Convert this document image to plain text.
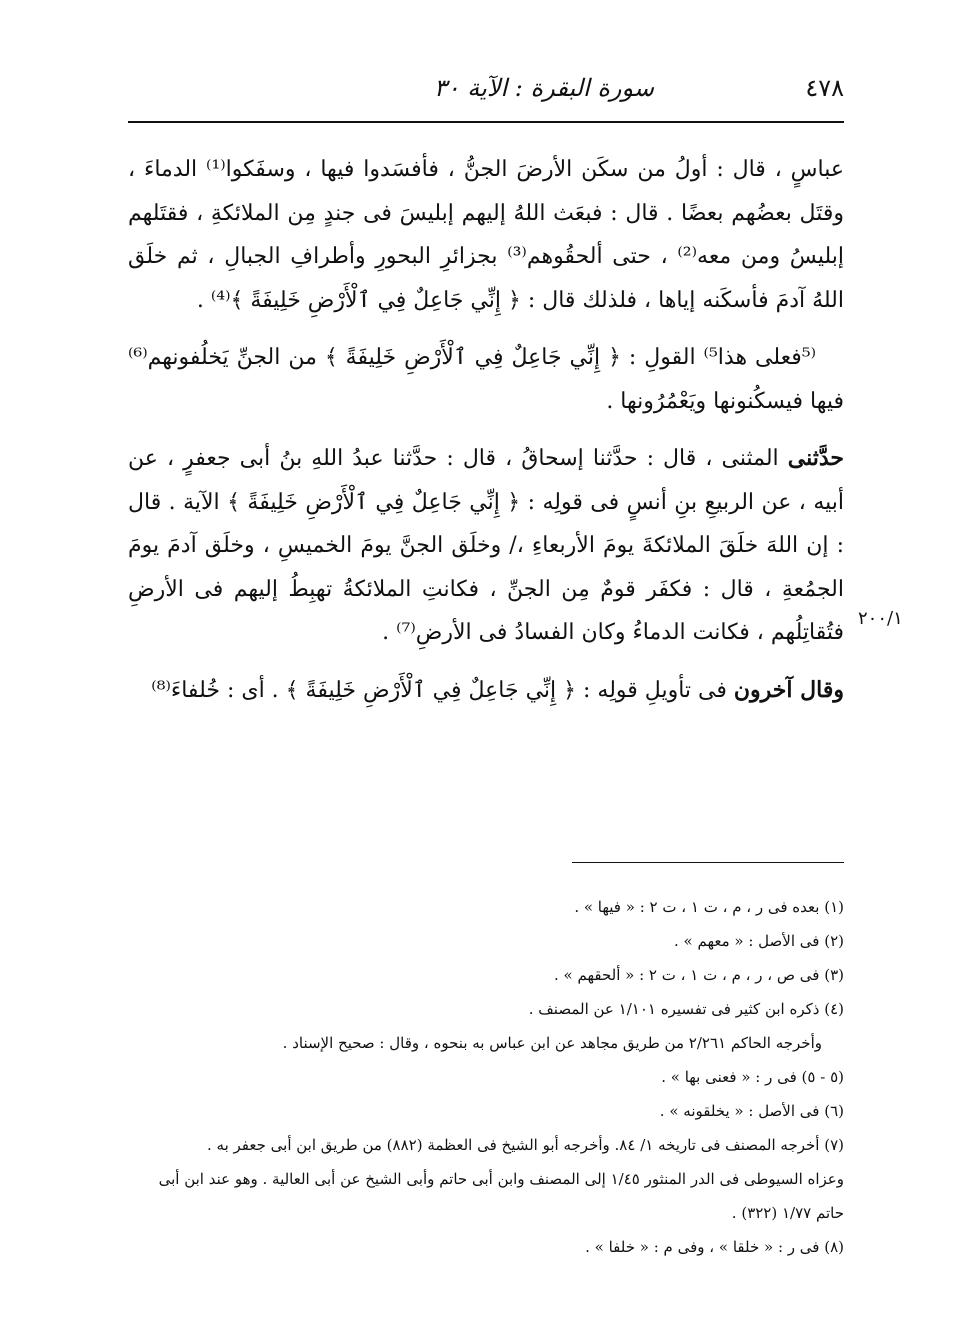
٤٧٨
سورة البقرة : الآية ٣٠
٢٠٠/١

عباسٍ ، قال : أولُ من سكَن الأرضَ الجنُّ ، فأفسَدوا فيها ، وسفَكوا⁽¹⁾ الدماءَ ، وقتَل بعضُهم بعضًا . قال : فبعَث اللهُ إليهم إبليسَ فى جندٍ مِن الملائكةِ ، فقتَلهم إبليسُ ومن معه⁽²⁾ ، حتى ألحقُوهم⁽³⁾ بجزائرِ البحورِ وأطرافِ الجبالِ ، ثم خلَق اللهُ آدمَ فأسكَنه إياها ، فلذلك قال : ﴿ إِنِّي جَاعِلٌ فِي ٱلْأَرْضِ خَلِيفَةً ﴾⁽⁴⁾ .

⁽⁵فعلى هذا⁵⁾ القولِ : ﴿ إِنِّي جَاعِلٌ فِي ٱلْأَرْضِ خَلِيفَةً ﴾ من الجنِّ يَخلُفونهم⁽⁶⁾ فيها فيسكُنونها ويَعْمُرُونها .

حدَّثنى المثنى ، قال : حدَّثنا إسحاقُ ، قال : حدَّثنا عبدُ اللهِ بنُ أبى جعفرٍ ، عن أبيه ، عن الربيعِ بنِ أنسٍ فى قولِه : ﴿ إِنِّي جَاعِلٌ فِي ٱلْأَرْضِ خَلِيفَةً ﴾ الآية . قال : إن اللهَ خلَقَ الملائكةَ يومَ الأربعاءِ ،/ وخلَق الجنَّ يومَ الخميسِ ، وخلَق آدمَ يومَ الجمُعةِ ، قال : فكفَر قومٌ مِن الجنِّ ، فكانتِ الملائكةُ تهبِطُ إليهم فى الأرضِ فتُقاتِلُهم ، فكانت الدماءُ وكان الفسادُ فى الأرضِ⁽⁷⁾ .

وقال آخرون فى تأويلِ قولِه : ﴿ إِنِّي جَاعِلٌ فِي ٱلْأَرْضِ خَلِيفَةً ﴾ . أى : خُلفاءَ⁽⁸⁾

(١) بعده فى ر ، م ، ت ١ ، ت ٢ : « فيها » .
(٢) فى الأصل : « معهم » .
(٣) فى ص ، ر ، م ، ت ١ ، ت ٢ : « ألحقهم » .
(٤) ذكره ابن كثير فى تفسيره ١/١٠١ عن المصنف .
وأخرجه الحاكم ٢/٢٦١ من طريق مجاهد عن ابن عباس به بنحوه ، وقال : صحيح الإسناد .
(٥ - ٥) فى ر : « فعنى بها » .
(٦) فى الأصل : « يخلقونه » .
(٧) أخرجه المصنف فى تاريخه ١/ ٨٤. وأخرجه أبو الشيخ فى العظمة (٨٨٢) من طريق ابن أبى جعفر به .
وعزاه السيوطى فى الدر المنثور ١/٤٥ إلى المصنف وابن أبى حاتم وأبى الشيخ عن أبى العالية . وهو عند ابن أبى
حاتم ١/٧٧ (٣٢٢) .
(٨) فى ر : « خلقا » ، وفى م : « خلفا » .
